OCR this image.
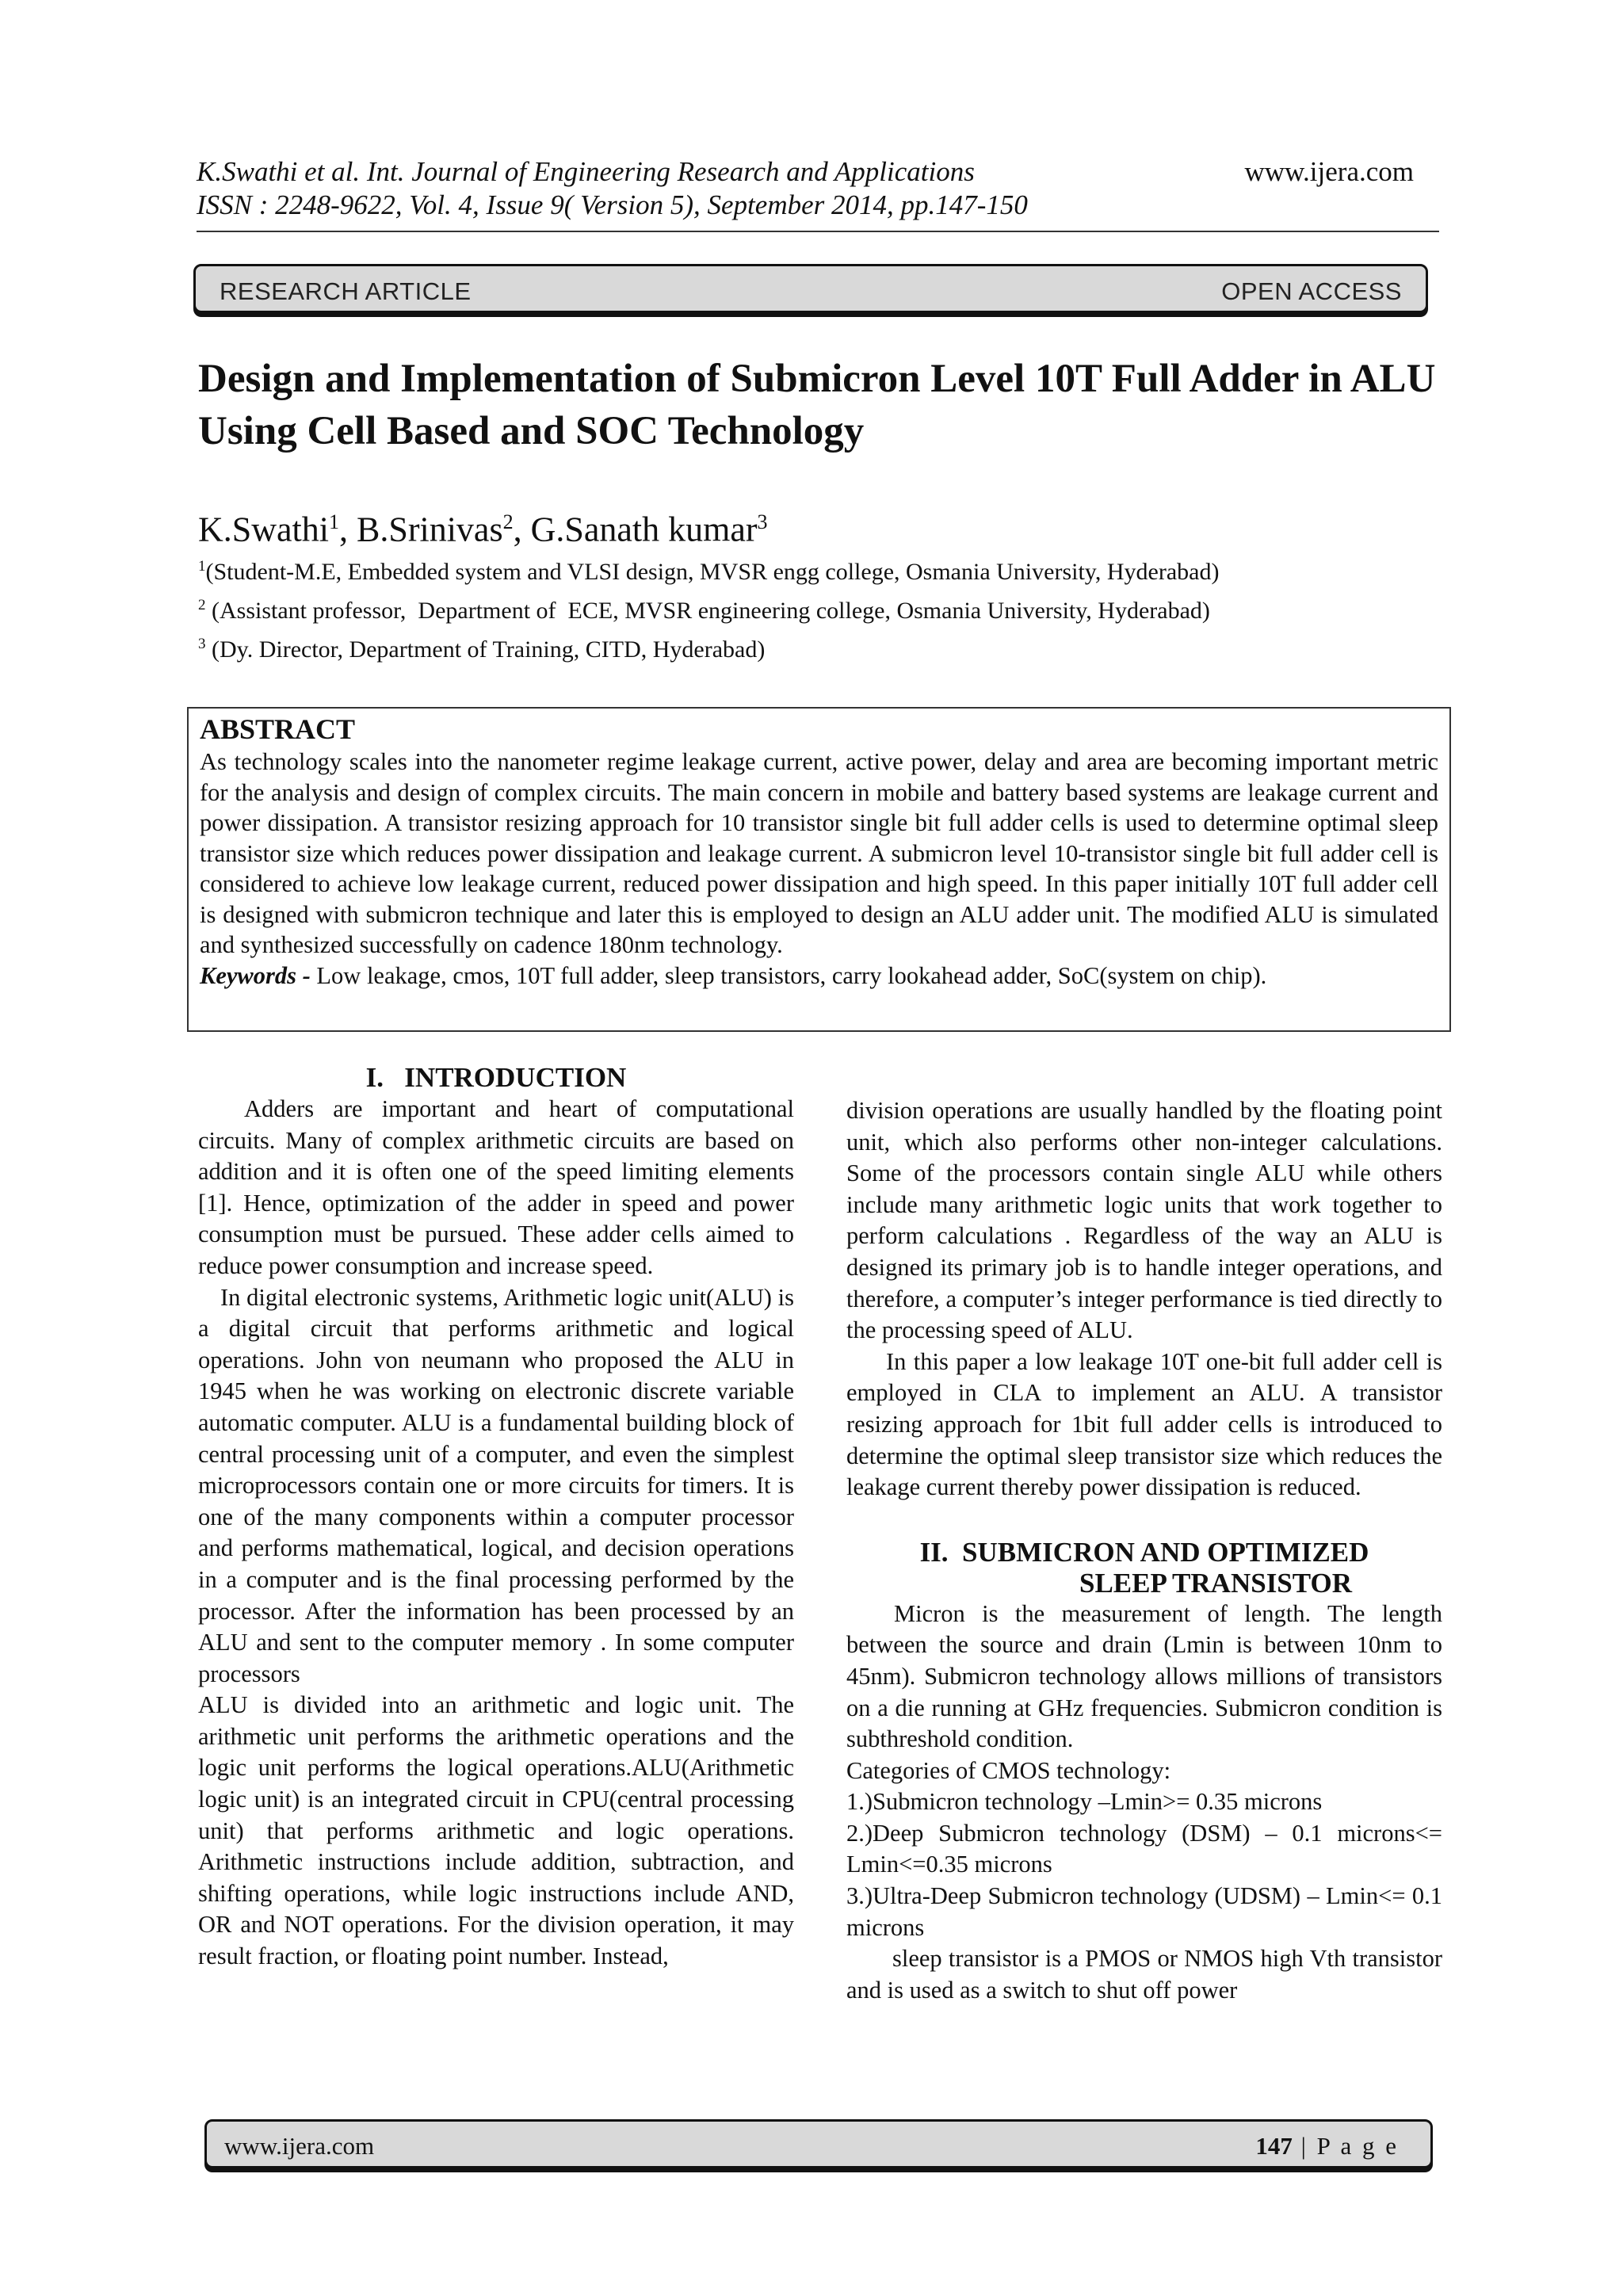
K.Swathi et al. Int. Journal of Engineering Research and Applications
ISSN : 2248-9622, Vol. 4, Issue 9( Version 5), September 2014, pp.147-150
www.ijera.com
RESEARCH ARTICLE	OPEN ACCESS
Design and Implementation of Submicron Level 10T Full Adder in ALU Using Cell Based and SOC Technology
K.Swathi$^1$, B.Srinivas$^2$, G.Sanath kumar$^3$
$^1$(Student-M.E, Embedded system and VLSI design, MVSR engg college, Osmania University, Hyderabad)
$^2$ (Assistant professor,  Department of  ECE, MVSR engineering college, Osmania University, Hyderabad)
$^3$ (Dy. Director, Department of Training, CITD, Hyderabad)

ABSTRACT

As technology scales into the nanometer regime leakage current, active power, delay and area are becoming important metric for the analysis and design of complex circuits. The main concern in mobile and battery based systems are leakage current and power dissipation. A transistor resizing approach for 10 transistor single bit full adder cells is used to determine optimal sleep transistor size which reduces power dissipation and leakage current. A submicron level 10-transistor single bit full adder cell is considered to achieve low leakage current, reduced power dissipation and high speed. In this paper initially 10T full adder cell is designed with submicron technique and later this is employed to design an ALU adder unit. The modified ALU is simulated and synthesized successfully on cadence 180nm technology.

Keywords - Low leakage, cmos, 10T full adder, sleep transistors, carry lookahead adder, SoC(system on chip).

I.   INTRODUCTION

Adders are important and heart of computational circuits. Many of complex arithmetic circuits are based on addition and it is often one of the speed limiting elements [1]. Hence, optimization of the adder in speed and power consumption must be pursued. These adder cells aimed to reduce power consumption and increase speed.

In digital electronic systems, Arithmetic logic unit(ALU) is a digital circuit that performs arithmetic and logical operations. John von neumann who proposed the ALU in 1945 when he was working on electronic discrete variable automatic computer. ALU is a fundamental building block of central processing unit of a computer, and even the simplest microprocessors contain one or more circuits for timers. It is one of the many components within a computer processor and performs mathematical, logical, and decision operations in a computer and is the final processing performed by the processor. After the information has been processed by an ALU and sent to the computer memory . In some computer processors

ALU is divided into an arithmetic and logic unit. The arithmetic unit performs the arithmetic operations and the logic unit performs the logical operations.ALU(Arithmetic logic unit) is an integrated circuit in CPU(central processing unit) that performs arithmetic and logic operations. Arithmetic instructions include addition, subtraction, and shifting operations, while logic instructions include AND, OR and NOT operations. For the division operation, it may result fraction, or floating point number. Instead,

division operations are usually handled by the floating point unit, which also performs other non-integer calculations. Some of the processors contain single ALU while others include many arithmetic logic units that work together to perform calculations . Regardless of the way an ALU is designed its primary job is to handle integer operations, and therefore, a computer’s integer performance is tied directly to the processing speed of ALU.

In this paper a low leakage 10T one-bit full adder cell is employed in CLA to implement an ALU. A transistor resizing approach for 1bit full adder cells is introduced to determine the optimal sleep transistor size which reduces the leakage current thereby power dissipation is reduced.

II.  SUBMICRON AND OPTIMIZED
SLEEP TRANSISTOR

Micron is the measurement of length. The length between the source and drain (Lmin is between 10nm to 45nm). Submicron technology allows millions of transistors on a die running at GHz frequencies. Submicron condition is subthreshold condition.

Categories of CMOS technology:

1.)Submicron technology –Lmin>= 0.35 microns

2.)Deep Submicron technology (DSM) – 0.1 microns<= Lmin<=0.35 microns

3.)Ultra-Deep Submicron technology (UDSM) – Lmin<= 0.1 microns

sleep transistor is a PMOS or NMOS high Vth transistor and is used as a switch to shut off power

www.ijera.com	147 | P a g e
